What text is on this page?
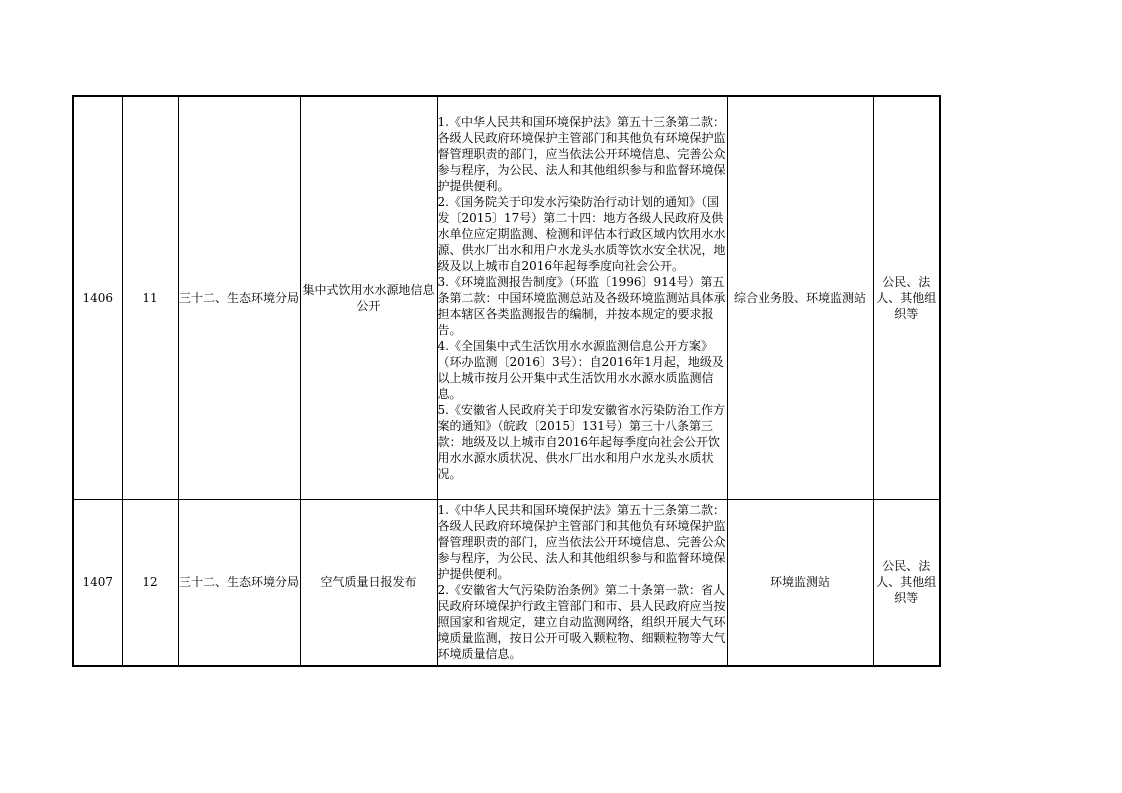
1406	11	三十二、生态环境分局	集中式饮用水水源地信息公开	1.《中华人民共和国环境保护法》第五十三条第二款：各级人民政府环境保护主管部门和其他负有环境保护监督管理职责的部门，应当依法公开环境信息、完善公众参与程序，为公民、法人和其他组织参与和监督环境保护提供便利。

2.《国务院关于印发水污染防治行动计划的通知》（国发〔2015〕17号）第二十四：地方各级人民政府及供水单位应定期监测、检测和评估本行政区域内饮用水水源、供水厂出水和用户水龙头水质等饮水安全状况，地级及以上城市自2016年起每季度向社会公开。

3.《环境监测报告制度》（环监〔1996〕914号）第五条第二款：中国环境监测总站及各级环境监测站具体承担本辖区各类监测报告的编制，并按本规定的要求报告。

4.《全国集中式生活饮用水水源监测信息公开方案》（环办监测〔2016〕3号）：自2016年1月起，地级及以上城市按月公开集中式生活饮用水水源水质监测信息。

5.《安徽省人民政府关于印发安徽省水污染防治工作方案的通知》（皖政〔2015〕131号）第三十八条第三款：地级及以上城市自2016年起每季度向社会公开饮用水水源水质状况、供水厂出水和用户水龙头水质状况。	综合业务股、环境监测站	公民、法人、其他组织等
1407	12	三十二、生态环境分局	空气质量日报发布	1.《中华人民共和国环境保护法》第五十三条第二款：各级人民政府环境保护主管部门和其他负有环境保护监督管理职责的部门，应当依法公开环境信息、完善公众参与程序，为公民、法人和其他组织参与和监督环境保护提供便利。

2.《安徽省大气污染防治条例》第二十条第一款：省人民政府环境保护行政主管部门和市、县人民政府应当按照国家和省规定，建立自动监测网络，组织开展大气环境质量监测，按日公开可吸入颗粒物、细颗粒物等大气环境质量信息。	环境监测站	公民、法人、其他组织等
